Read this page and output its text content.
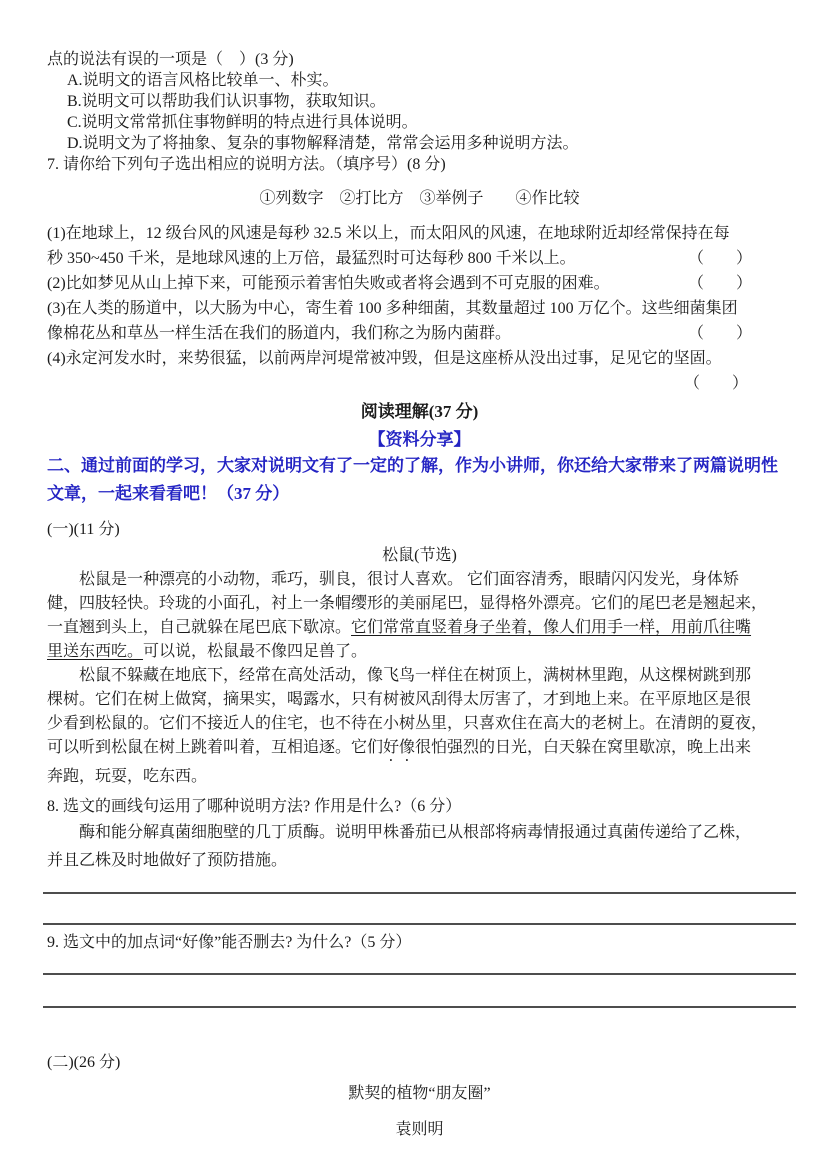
点的说法有误的一项是（　）(3 分)
A.说明文的语言风格比较单一、朴实。
B.说明文可以帮助我们认识事物，获取知识。
C.说明文常常抓住事物鲜明的特点进行具体说明。
D.说明文为了将抽象、复杂的事物解释清楚，常常会运用多种说明方法。
7. 请你给下列句子选出相应的说明方法。（填序号）(8 分)
①列数字　②打比方　③举例子　　④作比较
(1)在地球上，12 级台风的风速是每秒 32.5 米以上，而太阳风的风速，在地球附近却经常保持在每
秒 350~450 千米，是地球风速的上万倍，最猛烈时可达每秒 800 千米以上。	（　　）
(2)比如梦见从山上掉下来，可能预示着害怕失败或者将会遇到不可克服的困难。	（　　）
(3)在人类的肠道中，以大肠为中心，寄生着 100 多种细菌，其数量超过 100 万亿个。这些细菌集团
像棉花丛和草丛一样生活在我们的肠道内，我们称之为肠内菌群。	（　　）
(4)永定河发水时，来势很猛，以前两岸河堤常被冲毁，但是这座桥从没出过事，足见它的坚固。
（　　）
阅读理解(37 分)
【资料分享】
二、通过前面的学习，大家对说明文有了一定的了解，作为小讲师，你还给大家带来了两篇说明性
文章，一起来看看吧！（37 分）
(一)(11 分)
松鼠(节选)
松鼠是一种漂亮的小动物，乖巧，驯良，很讨人喜欢。 它们面容清秀，眼睛闪闪发光，身体矫
健，四肢轻快。玲珑的小面孔，衬上一条帽缨形的美丽尾巴，显得格外漂亮。它们的尾巴老是翘起来，
一直翘到头上，自己就躲在尾巴底下歇凉。它们常常直竖着身子坐着，像人们用手一样，用前爪往嘴
里送东西吃。可以说，松鼠最不像四足兽了。
松鼠不躲藏在地底下，经常在高处活动，像飞鸟一样住在树顶上，满树林里跑，从这棵树跳到那
棵树。它们在树上做窝，摘果实，喝露水，只有树被风刮得太厉害了，才到地上来。在平原地区是很
少看到松鼠的。它们不接近人的住宅，也不待在小树丛里，只喜欢住在高大的老树上。在清朗的夏夜，
可以听到松鼠在树上跳着叫着，互相追逐。它们好像很怕强烈的日光，白天躲在窝里歇凉，晚上出来
奔跑，玩耍，吃东西。
8. 选文的画线句运用了哪种说明方法? 作用是什么?（6 分）
酶和能分解真菌细胞壁的几丁质酶。说明甲株番茄已从根部将病毒情报通过真菌传递给了乙株，
并且乙株及时地做好了预防措施。
9. 选文中的加点词“好像”能否删去? 为什么?（5 分）
(二)(26 分)
默契的植物“朋友圈”
袁则明
